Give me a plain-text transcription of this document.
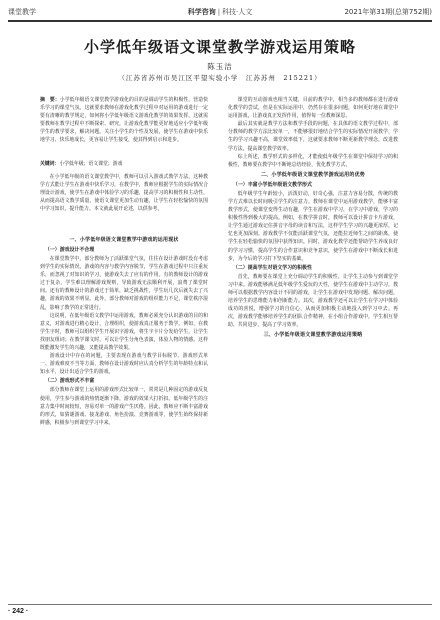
课堂教学	科学咨询 | 科技·人文	2021年第31期(总第752期)
小学低年级语文课堂教学游戏运用策略
陈玉洁
（江苏省苏州市吴江区平望实验小学　江苏苏州　215221）

摘　要：小学低年级语文课堂教学游戏化的目的是调动学生的积极性，营造快乐学习的课堂气氛。这就要求教师在游戏化教学过程中对运用的游戏进行一定要有清晰的教学规定，如何将小学低年级语文游戏化教学的效果发挥，这就需要教师在教学过程中不断探索、研究，让游戏化教学能更好地适应小学低年级学生的教学要求，解决问题。关注小学生的个性及发展，使学生在游戏中快乐地学习、快乐地成长，更容易让学生接受，使其得到启示和进步。

关键词：小学低年级；语文课堂；游戏

在小学低年级的语文课堂教学中，教师可以引入游戏式教学方法，这种教学方式能让学生在游戏中快乐学习，在教学中，教师应根据学生的实际情况合理设计游戏，使学生在游戏中体验学习的乐趣，提高学习的积极性和主动性，从而提高语文教学质量，使语文课堂更加生动有趣，让学生在轻松愉快的氛围中学习知识，提升能力。本文就此展开论述，以供参考。

一、小学低年级语文课堂教学中游戏的运用现状
（一）游戏设计不合理

在课堂教学中，部分教师为了活跃课堂气氛，往往在设计游戏时没有考虑到学生的实际情况，游戏的内容与教学内容脱节，学生在游戏过程中只注重玩乐，而忽视了对知识的学习，使游戏失去了应有的作用。有的教师设计的游戏过于复杂，学生难以理解游戏规则，导致游戏无法顺利开展，浪费了课堂时间。还有的教师设计的游戏过于简单，缺乏挑战性，学生玩几次后就失去了兴趣，游戏的效果不明显。此外，部分教师对游戏的组织能力不足，课堂秩序混乱，影响了教学的正常进行。

这说明，在低年级语文教学中运用游戏，教师必须充分认识游戏的目的和意义，对游戏进行精心设计，合理组织，使游戏真正服务于教学。例如，在教学生字时，教师可以组织学生开展识字游戏，将生字卡片分发给学生，让学生找朋友组词；在教学课文时，可以让学生分角色表演，体验人物的情感。这样既能激发学生的兴趣，又能提高教学效果。

游戏设计中存在的问题，主要表现在游戏与教学目标脱节、游戏形式单一、游戏难度不当等方面，教师在设计游戏时应认真分析学生的年龄特点和认知水平，设计出适合学生的游戏。

（二）游戏形式不丰富

部分教师在课堂上运用的游戏形式比较单一，常常是几种固定的游戏反复使用，学生参与游戏的热情逐渐下降，游戏的效果大打折扣。低年级学生的注意力集中时间较短，容易对单一的游戏产生厌倦。因此，教师应不断丰富游戏的形式，如猜谜游戏、接龙游戏、角色扮演、竞赛游戏等，使学生始终保持新鲜感，积极参与到课堂学习中来。

课堂的互动游戏也相当关键，目前的教学中，相当多的教师都在进行游戏化教学的尝试，但是在实际运用中，仍然存在很多问题，如何更好地在课堂中运用游戏，让游戏真正发挥作用，值得每一位教师深思。

最后其实就是教学方法和教学手段的问题，在具体的语文教学过程中，部分教师的教学方法比较单一，不能够很好地结合学生的实际情况开展教学，学生的学习兴趣不高，课堂效率低下，这就要求教师不断更新教学理念，改进教学方法，提高课堂教学效率。

综上所述，教学形式的多样化，才能使低年级学生在课堂中保持学习的积极性，教师要在教学中不断地总结经验，优化教学方式。

二、小学低年级语文课堂教学游戏运用的优势
（一）丰富小学低年级语文教学形式

低年级学生年龄较小，活泼好动，好奇心强，注意力容易分散，传统的教学方式难以长时间吸引学生的注意力。教师在课堂中运用游戏教学，能够丰富教学形式，使课堂变得生动有趣，学生在游戏中学习，在学习中游戏，学习的积极性得到极大的提高。例如，在教学拼音时，教师可以设计拼音卡片游戏，让学生通过游戏记住拼音字母的读音和写法，这样学生学习的兴趣更浓厚，记忆也更加深刻。游戏教学不仅能活跃课堂气氛，还能拉近师生之间的距离，使学生在轻松愉快的氛围中获得知识。同时，游戏化教学还能帮助学生养成良好的学习习惯，提高学生的合作意识和竞争意识，使学生在游戏中不断成长和进步，为今后的学习打下坚实的基础。

（二）提高学生对语文学习的积极性

首先，教师要在课堂上充分调动学生的积极性，让学生主动参与到课堂学习中来。游戏能够满足低年级学生爱玩的天性，使学生在游戏中主动学习，教师可以根据教学内容设计不同的游戏，让学生在游戏中发现问题、解决问题，培养学生的思维能力和创新能力。其次，游戏教学还可以让学生在学习中体验成功的喜悦，增强学习的自信心，从而更加积极主动地投入到学习中去。再次，游戏教学能够培养学生的团队合作精神，在小组合作游戏中，学生相互帮助、共同进步，提高了学习效率。

三、小学低年级语文课堂教学游戏运用策略
· 242 ·
